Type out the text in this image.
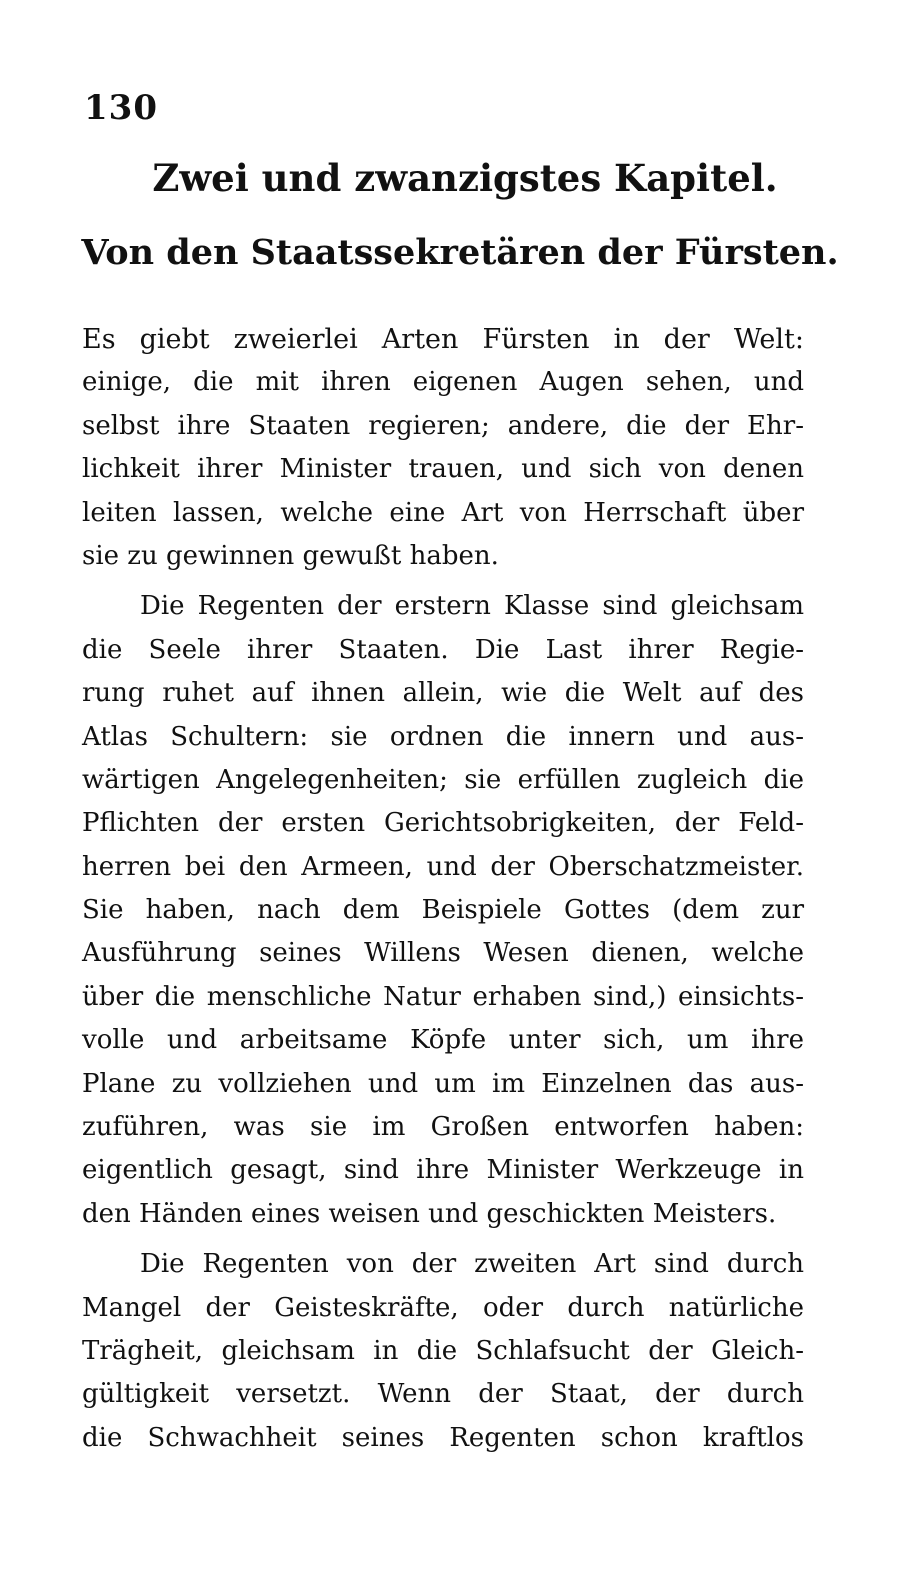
130
Zwei und zwanzigstes Kapitel.
Von den Staatssekretären der Fürsten.
Es giebt zweierlei Arten Fürsten in der Welt:
einige, die mit ihren eigenen Augen sehen, und
selbst ihre Staaten regieren; andere, die der Ehr-
lichkeit ihrer Minister trauen, und sich von denen
leiten lassen, welche eine Art von Herrschaft über
sie zu gewinnen gewußt haben.
Die Regenten der erstern Klasse sind gleichsam
die Seele ihrer Staaten. Die Last ihrer Regie-
rung ruhet auf ihnen allein, wie die Welt auf des
Atlas Schultern: sie ordnen die innern und aus-
wärtigen Angelegenheiten; sie erfüllen zugleich die
Pflichten der ersten Gerichtsobrigkeiten, der Feld-
herren bei den Armeen, und der Oberschatzmeister.
Sie haben, nach dem Beispiele Gottes (dem zur
Ausführung seines Willens Wesen dienen, welche
über die menschliche Natur erhaben sind,) einsichts-
volle und arbeitsame Köpfe unter sich, um ihre
Plane zu vollziehen und um im Einzelnen das aus-
zuführen, was sie im Großen entworfen haben:
eigentlich gesagt, sind ihre Minister Werkzeuge in
den Händen eines weisen und geschickten Meisters.
Die Regenten von der zweiten Art sind durch
Mangel der Geisteskräfte, oder durch natürliche
Trägheit, gleichsam in die Schlafsucht der Gleich-
gültigkeit versetzt. Wenn der Staat, der durch
die Schwachheit seines Regenten schon kraftlos
